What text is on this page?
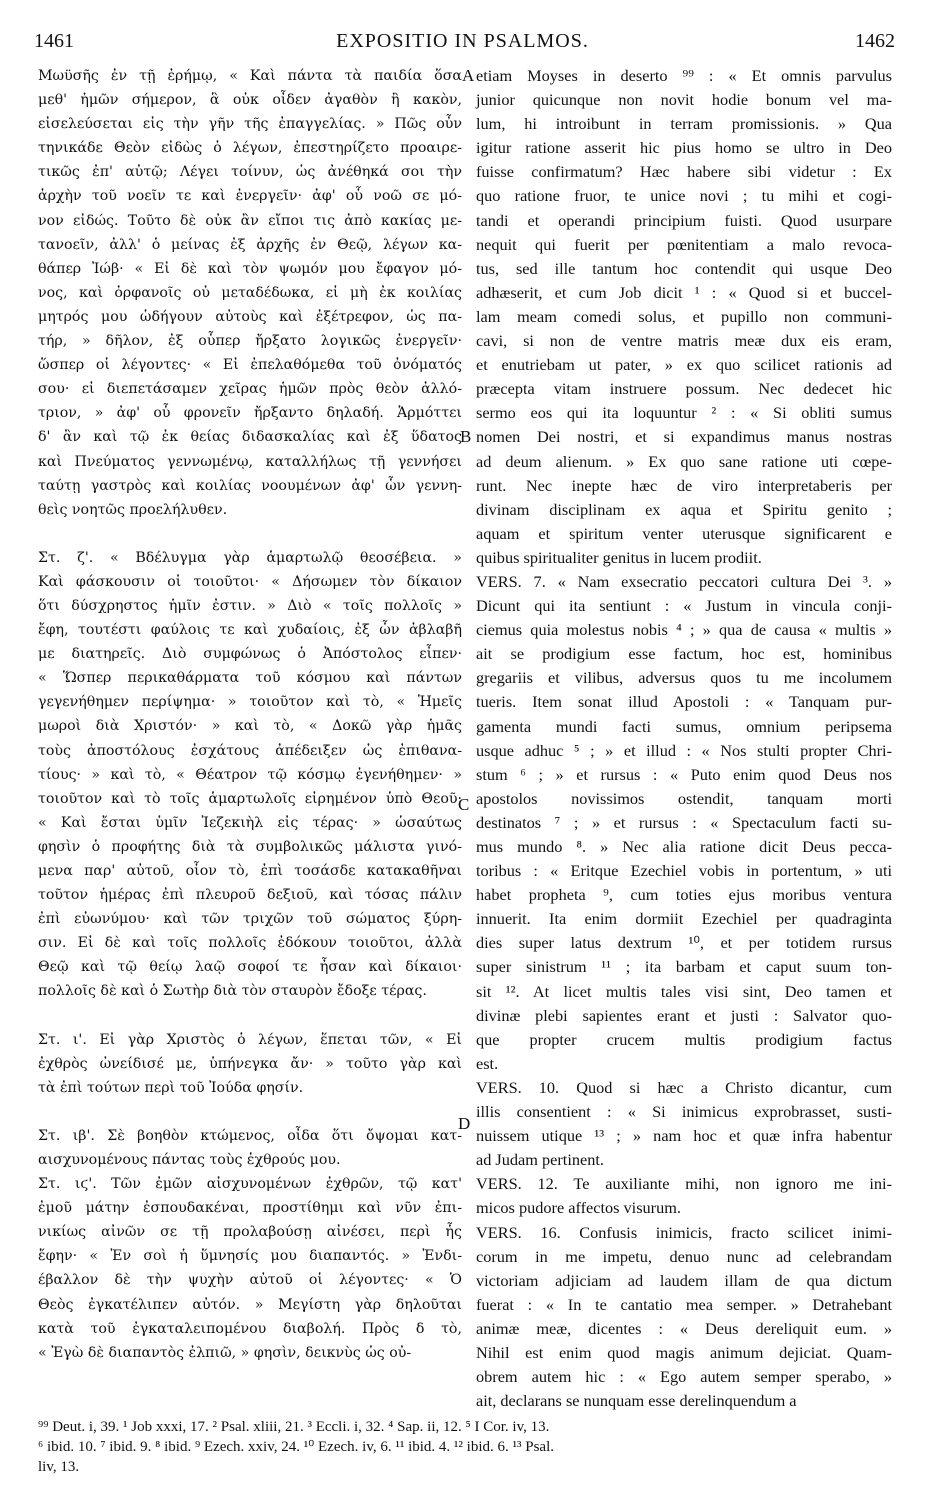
1461	EXPOSITIO IN PSALMOS.	1462
Μωϋσῆς ἐν τῇ ἐρήμῳ, « Καὶ πάντα τὰ παιδία ὅσα
μεθ' ἡμῶν σήμερον, ἃ οὐκ οἶδεν ἀγαθὸν ἢ κακὸν,
εἰσελεύσεται εἰς τὴν γῆν τῆς ἐπαγγελίας. » Πῶς οὖν
τηνικάδε Θεὸν εἰδὼς ὁ λέγων, ἐπεστηρίζετο προαιρε-
τικῶς ἐπ' αὐτῷ; Λέγει τοίνυν, ὡς ἀνέθηκά σοι τὴν
ἀρχὴν τοῦ νοεῖν τε καὶ ἐνεργεῖν· ἀφ' οὗ νοῶ σε μό-
νον εἰδώς. Τοῦτο δὲ οὐκ ἂν εἴποι τις ἀπὸ κακίας με-
τανοεῖν, ἀλλ' ὁ μείνας ἐξ ἀρχῆς ἐν Θεῷ, λέγων κα-
θάπερ Ἰώβ· « Εἰ δὲ καὶ τὸν ψωμόν μου ἔφαγον μό-
νος, καὶ ὀρφανοῖς οὐ μεταδέδωκα, εἰ μὴ ἐκ κοιλίας
μητρός μου ὡδήγουν αὐτοὺς καὶ ἐξέτρεφον, ὡς πα-
τήρ, » δῆλον, ἐξ οὗπερ ἤρξατο λογικῶς ἐνεργεῖν·
ὥσπερ οἱ λέγοντες· « Εἰ ἐπελαθόμεθα τοῦ ὀνόματός
σου· εἰ διεπετάσαμεν χεῖρας ἡμῶν πρὸς θεὸν ἀλλό-
τριον, » ἀφ' οὗ φρονεῖν ἤρξαντο δηλαδή. Ἁρμόττει
δ' ἂν καὶ τῷ ἐκ θείας διδασκαλίας καὶ ἐξ ὕδατος
καὶ Πνεύματος γεννωμένῳ, καταλλήλως τῇ γεννήσει
ταύτῃ γαστρὸς καὶ κοιλίας νοουμένων ἀφ' ὧν γεννη-
θεὶς νοητῶς προελήλυθεν.
Στ. ζ'. « Βδέλυγμα γὰρ ἁμαρτωλῷ θεοσέβεια. »
Καὶ φάσκουσιν οἱ τοιοῦτοι· « Δήσωμεν τὸν δίκαιον
ὅτι δύσχρηστος ἡμῖν ἐστιν. » Διὸ « τοῖς πολλοῖς »
ἔφη, τουτέστι φαύλοις τε καὶ χυδαίοις, ἐξ ὧν ἀβλαβῆ
με διατηρεῖς. Διὸ συμφώνως ὁ Ἀπόστολος εἶπεν·
« Ὥσπερ περικαθάρματα τοῦ κόσμου καὶ πάντων
γεγενήθημεν περίψημα· » τοιοῦτον καὶ τὸ, « Ἡμεῖς
μωροὶ διὰ Χριστόν· » καὶ τὸ, « Δοκῶ γὰρ ἡμᾶς
τοὺς ἀποστόλους ἐσχάτους ἀπέδειξεν ὡς ἐπιθανα-
τίους· » καὶ τὸ, « Θέατρον τῷ κόσμῳ ἐγενήθημεν· »
τοιοῦτον καὶ τὸ τοῖς ἁμαρτωλοῖς εἰρημένον ὑπὸ Θεοῦ·
« Καὶ ἔσται ὑμῖν Ἰεζεκιὴλ εἰς τέρας· » ὡσαύτως
φησὶν ὁ προφήτης διὰ τὰ συμβολικῶς μάλιστα γινό-
μενα παρ' αὐτοῦ, οἷον τὸ, ἐπὶ τοσάσδε κατακαθῆναι
τοῦτον ἡμέρας ἐπὶ πλευροῦ δεξιοῦ, καὶ τόσας πάλιν
ἐπὶ εὐωνύμου· καὶ τῶν τριχῶν τοῦ σώματος ξύρη-
σιν. Εἰ δὲ καὶ τοῖς πολλοῖς ἐδόκουν τοιοῦτοι, ἀλλὰ
Θεῷ καὶ τῷ θείῳ λαῷ σοφοί τε ἦσαν καὶ δίκαιοι·
πολλοῖς δὲ καὶ ὁ Σωτὴρ διὰ τὸν σταυρὸν ἔδοξε τέρας.
Στ. ι'. Εἰ γὰρ Χριστὸς ὁ λέγων, ἕπεται τῶν, « Εἰ
ἐχθρὸς ὠνείδισέ με, ὑπήνεγκα ἄν· » τοῦτο γὰρ καὶ
τὰ ἐπὶ τούτων περὶ τοῦ Ἰούδα φησίν.
Στ. ιβ'. Σὲ βοηθὸν κτώμενος, οἶδα ὅτι ὄψομαι κατ-
αισχυνομένους πάντας τοὺς ἐχθρούς μου.
Στ. ιϛ'. Τῶν ἐμῶν αἰσχυνομένων ἐχθρῶν, τῷ κατ'
ἐμοῦ μάτην ἐσπουδακέναι, προστίθημι καὶ νῦν ἐπι-
νικίως αἰνῶν σε τῇ προλαβούσῃ αἰνέσει, περὶ ἧς
ἔφην· « Ἐν σοὶ ἡ ὕμνησίς μου διαπαντός. » Ἐνδι-
έβαλλον δὲ τὴν ψυχὴν αὐτοῦ οἱ λέγοντες· « Ὁ
Θεὸς ἐγκατέλιπεν αὐτόν. » Μεγίστη γὰρ δηλοῦται
κατὰ τοῦ ἐγκαταλειπομένου διαβολή. Πρὸς δ τὸ,
« Ἐγὼ δὲ διαπαντὸς ἐλπιῶ, » φησὶν, δεικνὺς ὡς οὐ-
etiam Moyses in deserto ⁹⁹ : « Et omnis parvulus
junior quicunque non novit hodie bonum vel ma-
lum, hi introibunt in terram promissionis. » Qua
igitur ratione asserit hic pius homo se ultro in Deo
fuisse confirmatum? Hæc habere sibi videtur : Ex
quo ratione fruor, te unice novi ; tu mihi et cogi-
tandi et operandi principium fuisti. Quod usurpare
nequit qui fuerit per pœnitentiam a malo revoca-
tus, sed ille tantum hoc contendit qui usque Deo
adhæserit, et cum Job dicit ¹ : « Quod si et buccel-
lam meam comedi solus, et pupillo non communi-
cavi, si non de ventre matris meæ dux eis eram,
et enutriebam ut pater, » ex quo scilicet rationis ad
præcepta vitam instruere possum. Nec dedecet hic
sermo eos qui ita loquuntur ² : « Si obliti sumus
nomen Dei nostri, et si expandimus manus nostras
ad deum alienum. » Ex quo sane ratione uti cœpe-
runt. Nec inepte hæc de viro interpretaberis per
divinam disciplinam ex aqua et Spiritu genito ;
aquam et spiritum venter uterusque significarent e
quibus spiritualiter genitus in lucem prodiit.
VERS. 7. « Nam exsecratio peccatori cultura Dei ³. »
Dicunt qui ita sentiunt : « Justum in vincula conji-
ciemus quia molestus nobis ⁴ ; » qua de causa « multis »
ait se prodigium esse factum, hoc est, hominibus
gregariis et vilibus, adversus quos tu me incolumem
tueris. Item sonat illud Apostoli : « Tanquam pur-
gamenta mundi facti sumus, omnium peripsema
usque adhuc ⁵ ; » et illud : « Nos stulti propter Chri-
stum ⁶ ; » et rursus : « Puto enim quod Deus nos
apostolos novissimos ostendit, tanquam morti
destinatos ⁷ ; » et rursus : « Spectaculum facti su-
mus mundo ⁸. » Nec alia ratione dicit Deus pecca-
toribus : « Eritque Ezechiel vobis in portentum, » uti
habet propheta ⁹, cum toties ejus moribus ventura
innuerit. Ita enim dormiit Ezechiel per quadraginta
dies super latus dextrum ¹⁰, et per totidem rursus
super sinistrum ¹¹ ; ita barbam et caput suum ton-
sit ¹². At licet multis tales visi sint, Deo tamen et
divinæ plebi sapientes erant et justi : Salvator quo-
que propter crucem multis prodigium factus
est.
VERS. 10. Quod si hæc a Christo dicantur, cum
illis consentient : « Si inimicus exprobrasset, susti-
nuissem utique ¹³ ; » nam hoc et quæ infra habentur
ad Judam pertinent.
VERS. 12. Te auxiliante mihi, non ignoro me ini-
micos pudore affectos visurum.
VERS. 16. Confusis inimicis, fracto scilicet inimi-
corum in me impetu, denuo nunc ad celebrandam
victoriam adjiciam ad laudem illam de qua dictum
fuerat : « In te cantatio mea semper. » Detrahebant
animæ meæ, dicentes : « Deus dereliquit eum. »
Nihil est enim quod magis animum dejiciat. Quam-
obrem autem hic : « Ego autem semper sperabo, »
ait, declarans se nunquam esse derelinquendum a
A
B
C
D
⁹⁹ Deut. i, 39. ¹ Job xxxi, 17. ² Psal. xliii, 21. ³ Eccli. i, 32. ⁴ Sap. ii, 12. ⁵ I Cor. iv, 13.
⁶ ibid. 10. ⁷ ibid. 9. ⁸ ibid. ⁹ Ezech. xxiv, 24. ¹⁰ Ezech. iv, 6. ¹¹ ibid. 4. ¹² ibid. 6. ¹³ Psal.
liv, 13.
